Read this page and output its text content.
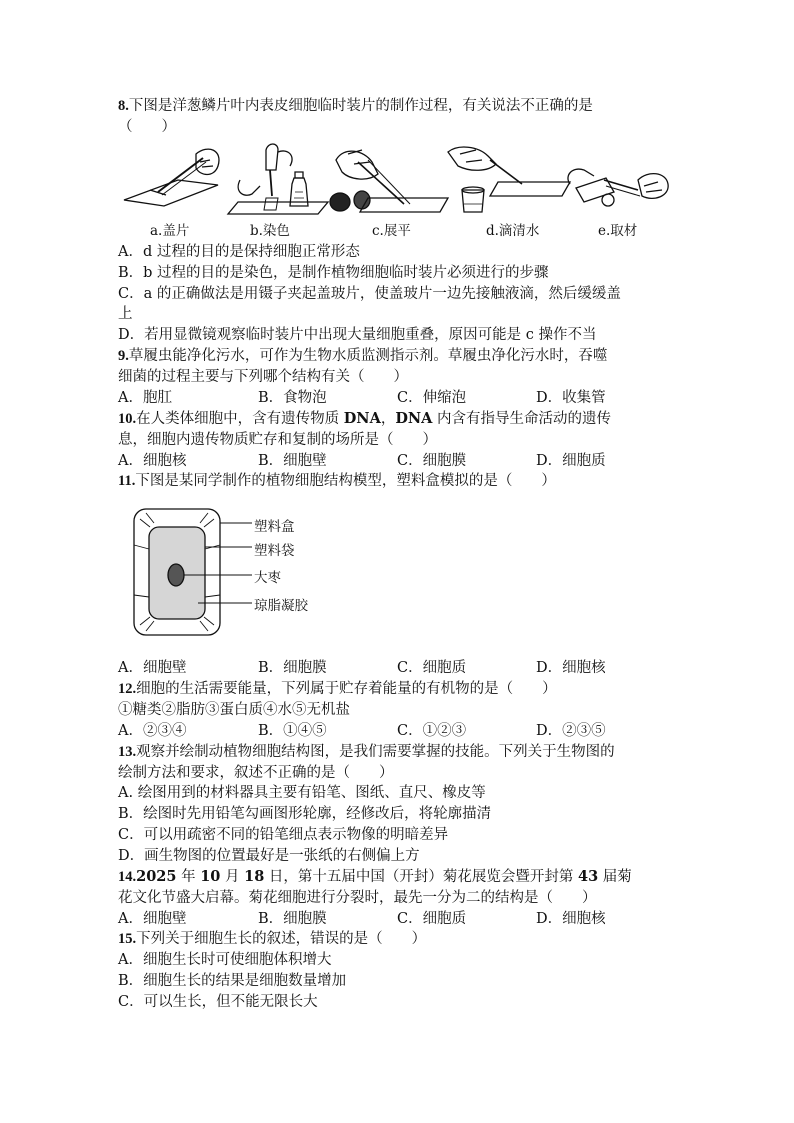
8.下图是洋葱鳞片叶内表皮细胞临时装片的制作过程，有关说法不正确的是
（　　）
a.盖片	b.染色	c.展平	d.滴清水	e.取材
A．d 过程的目的是保持细胞正常形态
B．b 过程的目的是染色，是制作植物细胞临时装片必须进行的步骤
C．a 的正确做法是用镊子夹起盖玻片，使盖玻片一边先接触液滴，然后缓缓盖
上
D．若用显微镜观察临时装片中出现大量细胞重叠，原因可能是 c 操作不当
9.草履虫能净化污水，可作为生物水质监测指示剂。草履虫净化污水时，吞噬
细菌的过程主要与下列哪个结构有关（　　）
A．胞肛	B．食物泡	C．伸缩泡	D．收集管
10.在人类体细胞中，含有遗传物质 DNA，DNA 内含有指导生命活动的遗传
息，细胞内遗传物质贮存和复制的场所是（　　）
A．细胞核	B．细胞壁	C．细胞膜	D．细胞质
11.下图是某同学制作的植物细胞结构模型，塑料盒模拟的是（　　）
塑料盒
塑料袋
大枣
琼脂凝胶
A．细胞壁	B．细胞膜	C．细胞质	D．细胞核
12.细胞的生活需要能量，下列属于贮存着能量的有机物的是（　　）
①糖类②脂肪③蛋白质④水⑤无机盐
A．②③④	B．①④⑤	C．①②③	D．②③⑤
13.观察并绘制动植物细胞结构图，是我们需要掌握的技能。下列关于生物图的
绘制方法和要求，叙述不正确的是（　　）
A. 绘图用到的材料器具主要有铅笔、图纸、直尺、橡皮等
B．绘图时先用铅笔勾画图形轮廓，经修改后，将轮廓描清
C．可以用疏密不同的铅笔细点表示物像的明暗差异
D．画生物图的位置最好是一张纸的右侧偏上方
14.2025 年 10 月 18 日，第十五届中国（开封）菊花展览会暨开封第 43 届菊
花文化节盛大启幕。菊花细胞进行分裂时，最先一分为二的结构是（　　）
A．细胞壁	B．细胞膜	C．细胞质	D．细胞核
15.下列关于细胞生长的叙述，错误的是（　　）
A．细胞生长时可使细胞体积增大
B．细胞生长的结果是细胞数量增加
C．可以生长，但不能无限长大
